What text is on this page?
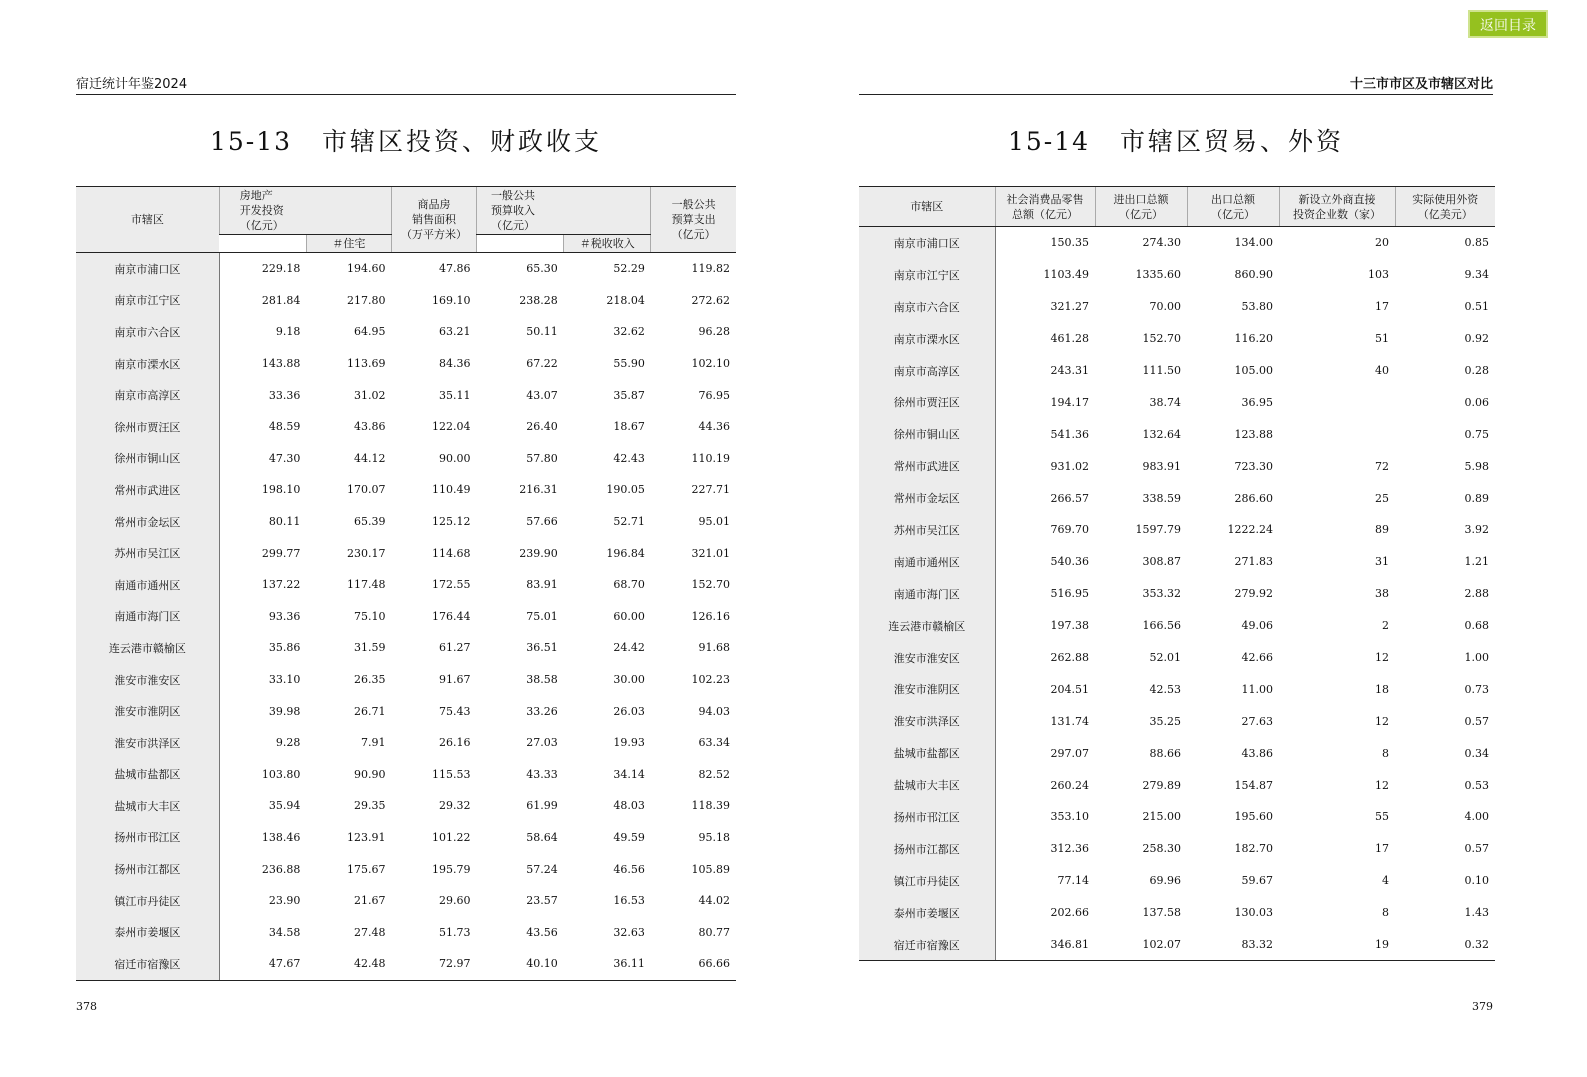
返回目录
宿迁统计年鉴2024
15-13 市辖区投资、财政收支
市辖区	房地产
开发投资
（亿元）		商品房
销售面积
（万平方米）	一般公共
预算收入
（亿元）		一般公共
预算支出
（亿元）
		＃住宅			＃税收收入	
南京市浦口区	229.18	194.60	47.86	65.30	52.29	119.82
南京市江宁区	281.84	217.80	169.10	238.28	218.04	272.62
南京市六合区	9.18	64.95	63.21	50.11	32.62	96.28
南京市溧水区	143.88	113.69	84.36	67.22	55.90	102.10
南京市高淳区	33.36	31.02	35.11	43.07	35.87	76.95
徐州市贾汪区	48.59	43.86	122.04	26.40	18.67	44.36
徐州市铜山区	47.30	44.12	90.00	57.80	42.43	110.19
常州市武进区	198.10	170.07	110.49	216.31	190.05	227.71
常州市金坛区	80.11	65.39	125.12	57.66	52.71	95.01
苏州市吴江区	299.77	230.17	114.68	239.90	196.84	321.01
南通市通州区	137.22	117.48	172.55	83.91	68.70	152.70
南通市海门区	93.36	75.10	176.44	75.01	60.00	126.16
连云港市赣榆区	35.86	31.59	61.27	36.51	24.42	91.68
淮安市淮安区	33.10	26.35	91.67	38.58	30.00	102.23
淮安市淮阴区	39.98	26.71	75.43	33.26	26.03	94.03
淮安市洪泽区	9.28	7.91	26.16	27.03	19.93	63.34
盐城市盐都区	103.80	90.90	115.53	43.33	34.14	82.52
盐城市大丰区	35.94	29.35	29.32	61.99	48.03	118.39
扬州市邗江区	138.46	123.91	101.22	58.64	49.59	95.18
扬州市江都区	236.88	175.67	195.79	57.24	46.56	105.89
镇江市丹徒区	23.90	21.67	29.60	23.57	16.53	44.02
泰州市姜堰区	34.58	27.48	51.73	43.56	32.63	80.77
宿迁市宿豫区	47.67	42.48	72.97	40.10	36.11	66.66
378
十三市市区及市辖区对比
15-14 市辖区贸易、外资
市辖区	社会消费品零售
总额（亿元）	进出口总额
（亿元）	出口总额
（亿元）	新设立外商直接
投资企业数（家）	实际使用外资
（亿美元）
南京市浦口区	150.35	274.30	134.00	20	0.85
南京市江宁区	1103.49	1335.60	860.90	103	9.34
南京市六合区	321.27	70.00	53.80	17	0.51
南京市溧水区	461.28	152.70	116.20	51	0.92
南京市高淳区	243.31	111.50	105.00	40	0.28
徐州市贾汪区	194.17	38.74	36.95		0.06
徐州市铜山区	541.36	132.64	123.88		0.75
常州市武进区	931.02	983.91	723.30	72	5.98
常州市金坛区	266.57	338.59	286.60	25	0.89
苏州市吴江区	769.70	1597.79	1222.24	89	3.92
南通市通州区	540.36	308.87	271.83	31	1.21
南通市海门区	516.95	353.32	279.92	38	2.88
连云港市赣榆区	197.38	166.56	49.06	2	0.68
淮安市淮安区	262.88	52.01	42.66	12	1.00
淮安市淮阴区	204.51	42.53	11.00	18	0.73
淮安市洪泽区	131.74	35.25	27.63	12	0.57
盐城市盐都区	297.07	88.66	43.86	8	0.34
盐城市大丰区	260.24	279.89	154.87	12	0.53
扬州市邗江区	353.10	215.00	195.60	55	4.00
扬州市江都区	312.36	258.30	182.70	17	0.57
镇江市丹徒区	77.14	69.96	59.67	4	0.10
泰州市姜堰区	202.66	137.58	130.03	8	1.43
宿迁市宿豫区	346.81	102.07	83.32	19	0.32
379
